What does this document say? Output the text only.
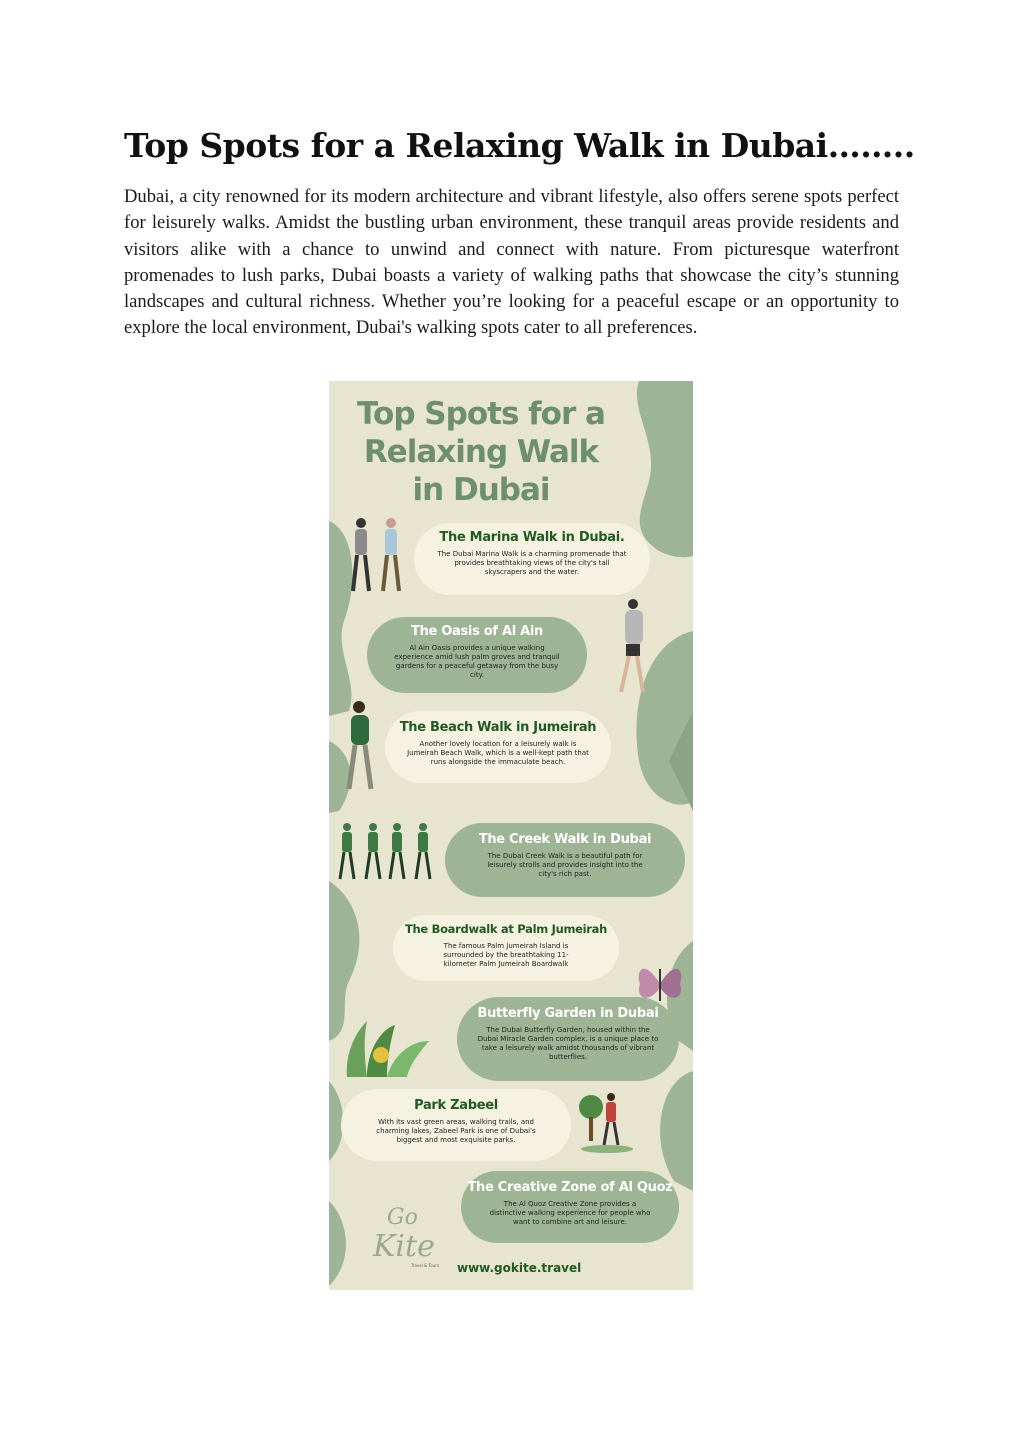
Top Spots for a Relaxing Walk in Dubai……..

Dubai, a city renowned for its modern architecture and vibrant lifestyle, also offers serene spots perfect for leisurely walks. Amidst the bustling urban environment, these tranquil areas provide residents and visitors alike with a chance to unwind and connect with nature. From picturesque waterfront promenades to lush parks, Dubai boasts a variety of walking paths that showcase the city’s stunning landscapes and cultural richness. Whether you’re looking for a peaceful escape or an opportunity to explore the local environment, Dubai's walking spots cater to all preferences.

Top Spots for a
Relaxing Walk
in Dubai
The Marina Walk in Dubai.

The Dubai Marina Walk is a charming promenade that provides breathtaking views of the city's tall skyscrapers and the water.

The Oasis of Al Ain

Al Ain Oasis provides a unique walking experience amid lush palm groves and tranquil gardens for a peaceful getaway from the busy city.

The Beach Walk in Jumeirah

Another lovely location for a leisurely walk is Jumeirah Beach Walk, which is a well-kept path that runs alongside the immaculate beach.

The Creek Walk in Dubai

The Dubai Creek Walk is a beautiful path for leisurely strolls and provides insight into the city's rich past.

The Boardwalk at Palm Jumeirah

The famous Palm Jumeirah Island is surrounded by the breathtaking 11-kilometer Palm Jumeirah Boardwalk

Butterfly Garden in Dubai

The Dubai Butterfly Garden, housed within the Dubai Miracle Garden complex, is a unique place to take a leisurely walk amidst thousands of vibrant butterflies.

Park Zabeel

With its vast green areas, walking trails, and charming lakes, Zabeel Park is one of Dubai's biggest and most exquisite parks.

The Creative Zone of Al Quoz

The Al Quoz Creative Zone provides a distinctive walking experience for people who want to combine art and leisure.

Go
Kite
Travel & Tours www.gokite.travel
